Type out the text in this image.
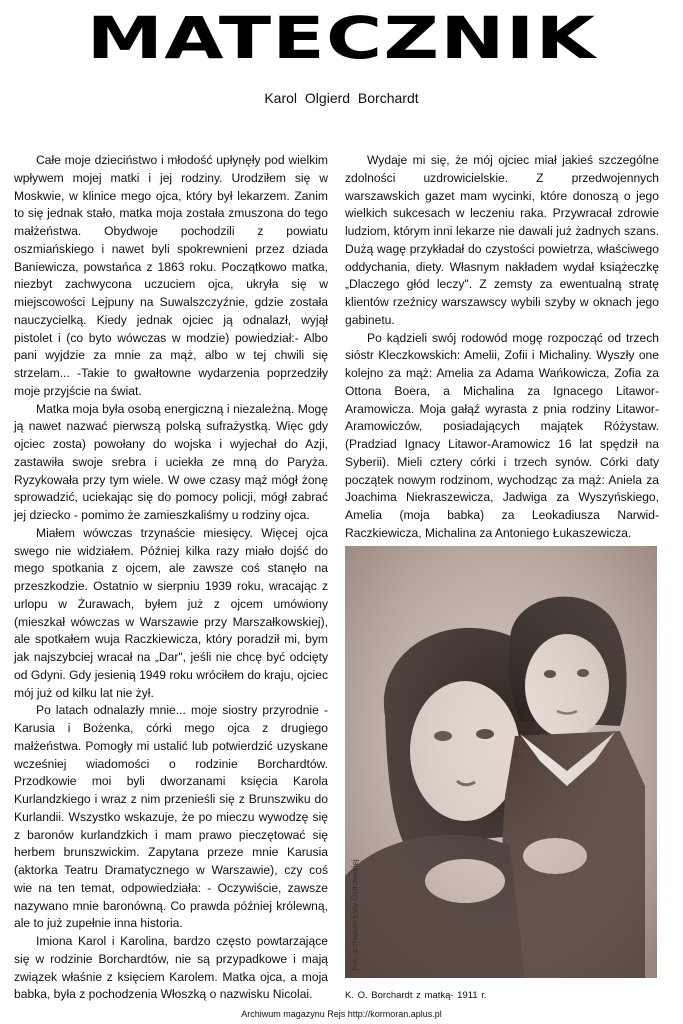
MATECZNIK
Karol Olgierd Borchardt

Całe moje dzieciństwo i młodość upłynęły pod wielkim wpływem mojej matki i jej rodziny. Urodziłem się w Moskwie, w klinice mego ojca, który był lekarzem. Zanim to się jednak stało, matka moja została zmuszona do tego małżeństwa. Obydwoje pochodzili z powiatu oszmiańskiego i nawet byli spokrewnieni przez dziada Baniewicza, powstańca z 1863 roku. Początkowo matka, niezbyt zachwycona uczuciem ojca, ukryła się w miejscowości Lejpuny na Suwalszczyźnie, gdzie została nauczycielką. Kiedy jednak ojciec ją odnalazł, wyjął pistolet i (co byto wówczas w modzie) powiedział:- Albo pani wyjdzie za mnie za mąż, albo w tej chwili się strzelam... -Takie to gwałtowne wydarzenia poprzedziły moje przyjście na świat.

Matka moja była osobą energiczną i niezależną. Mogę ją nawet nazwać pierwszą polską sufrażystką. Więc gdy ojciec zosta) powołany do wojska i wyjechał do Azji, zastawiła swoje srebra i uciekła ze mną do Paryża. Ryzykowała przy tym wiele. W owe czasy mąż mógł żonę sprowadzić, uciekając się do pomocy policji, mógł zabrać jej dziecko - pomimo że zamieszkaliśmy u rodziny ojca.

Miałem wówczas trzynaście miesięcy. Więcej ojca swego nie widziałem. Później kilka razy miało dojść do mego spotkania z ojcem, ale zawsze coś stanęło na przeszkodzie. Ostatnio w sierpniu 1939 roku, wracając z urlopu w Żurawach, byłem już z ojcem umówiony (mieszkał wówczas w Warszawie przy Marszałkowskiej), ale spotkałem wuja Raczkiewicza, który poradził mi, bym jak najszybciej wracał na „Dar", jeśli nie chcę być odcięty od Gdyni. Gdy jesienią 1949 roku wróciłem do kraju, ojciec mój już od kilku lat nie żył.

Po latach odnalazły mnie... moje siostry przyrodnie - Karusia i Bożenka, córki mego ojca z drugiego małżeństwa. Pomogły mi ustalić lub potwierdzić uzyskane wcześniej wiadomości o rodzinie Borchardtów. Przodkowie moi byli dworzanami księcia Karola Kurlandzkiego i wraz z nim przenieśli się z Brunszwiku do Kurlandii. Wszystko wskazuje, że po mieczu wywodzę się z baronów kurlandzkich i mam prawo pieczętować się herbem brunszwickim. Zapytana przeze mnie Karusia (aktorka Teatru Dramatycznego w Warszawie), czy coś wie na ten temat, odpowiedziała: - Oczywiście, zawsze nazywano mnie baronówną. Co prawda później królewną, ale to już zupełnie inna historia.

Imiona Karol i Karolina, bardzo często powtarzające się w rodzinie Borchardtów, nie są przypadkowe i mają związek właśnie z księciem Karolem. Matka ojca, a moja babka, była z pochodzenia Włoszką o nazwisku Nicolai.

Wydaje mi się, że mój ojciec miał jakieś szczególne zdolności uzdrowicielskie. Z przedwojennych warszawskich gazet mam wycinki, które donoszą o jego wielkich sukcesach w leczeniu raka. Przywracał zdrowie ludziom, którym inni lekarze nie dawali już żadnych szans. Dużą wagę przykładał do czystości powietrza, właściwego oddychania, diety. Własnym nakładem wydał książeczkę „Dlaczego głód leczy". Z zemsty za ewentualną stratę klientów rzeźnicy warszawscy wybili szyby w oknach jego gabinetu.

Po kądzieli swój rodowód mogę rozpocząć od trzech sióstr Kleczkowskich: Amelii, Zofii i Michaliny. Wyszły one kolejno za mąż: Amelia za Adama Wańkowicza, Zofia za Ottona Boera, a Michalina za Ignacego Litawor-Aramowicza. Moja gałąź wyrasta z pnia rodziny Litawor-Aramowiczów, posiadających majątek Różystaw. (Pradziad Ignacy Litawor-Aramowicz 16 lat spędził na Syberii). Mieli cztery córki i trzech synów. Córki daty początek nowym rodzinom, wychodząc za mąż: Aniela za Joachima Niekraszewicza, Jadwiga za Wyszyńskiego, Amelia (moja babka) za Leokadiusza Narwid-Raczkiewicza, Michalina za Antoniego Łukaszewicza.

Fot. archiwum Ewy Ostrowskiej
K. O. Borchardt z matką- 1911 r.
Archiwum magazynu Rejs http://kormoran.aplus.pl
